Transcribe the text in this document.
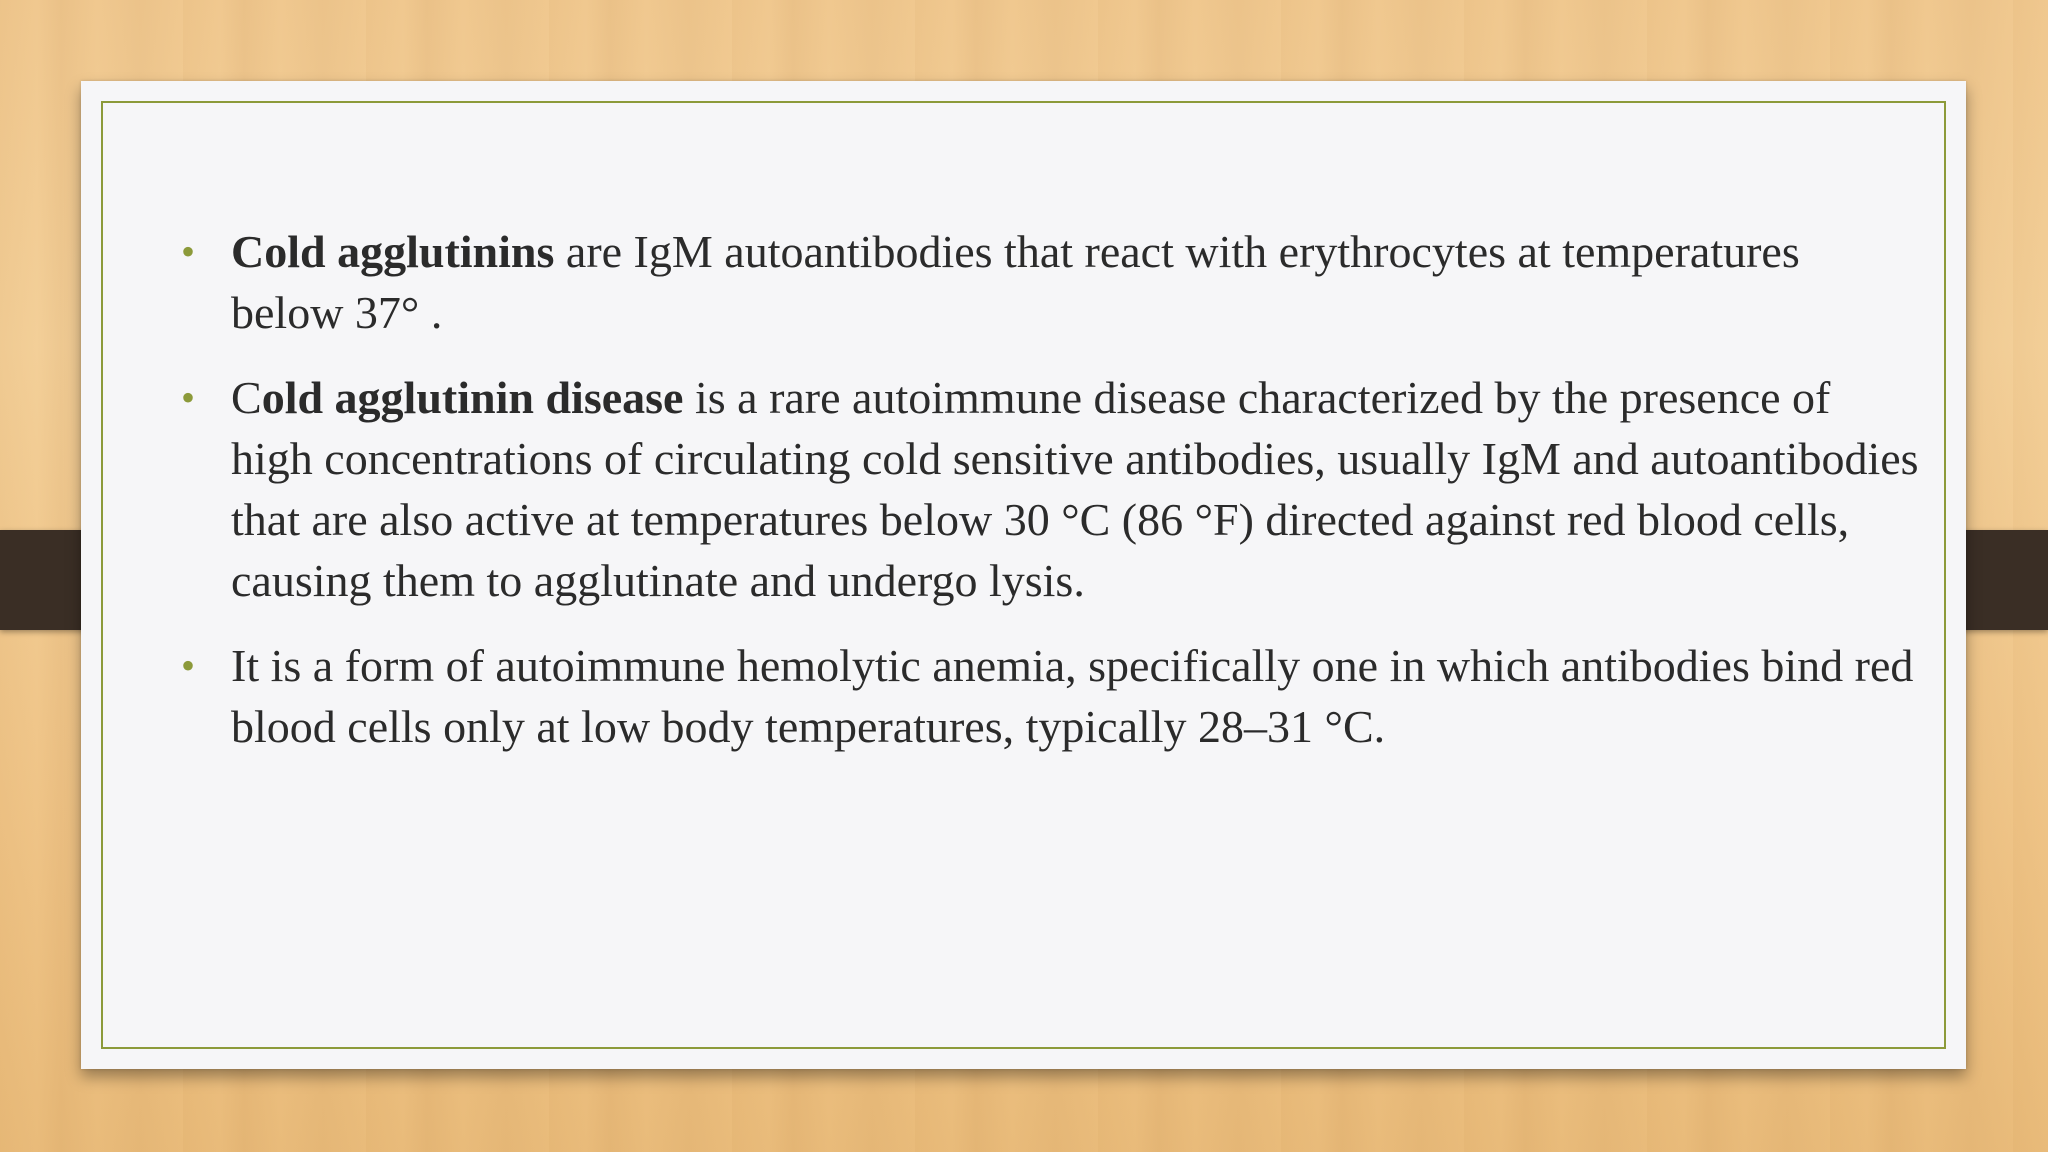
• Cold agglutinins are IgM autoantibodies that react with erythrocytes at temperatures below 37° .
• Cold agglutinin disease is a rare autoimmune disease characterized by the presence of high concentrations of circulating cold sensitive antibodies, usually IgM and autoantibodies that are also active at temperatures below 30 °C (86 °F) directed against red blood cells, causing them to agglutinate and undergo lysis.
• It is a form of autoimmune hemolytic anemia, specifically one in which antibodies bind red blood cells only at low body temperatures, typically 28–31 °C.
